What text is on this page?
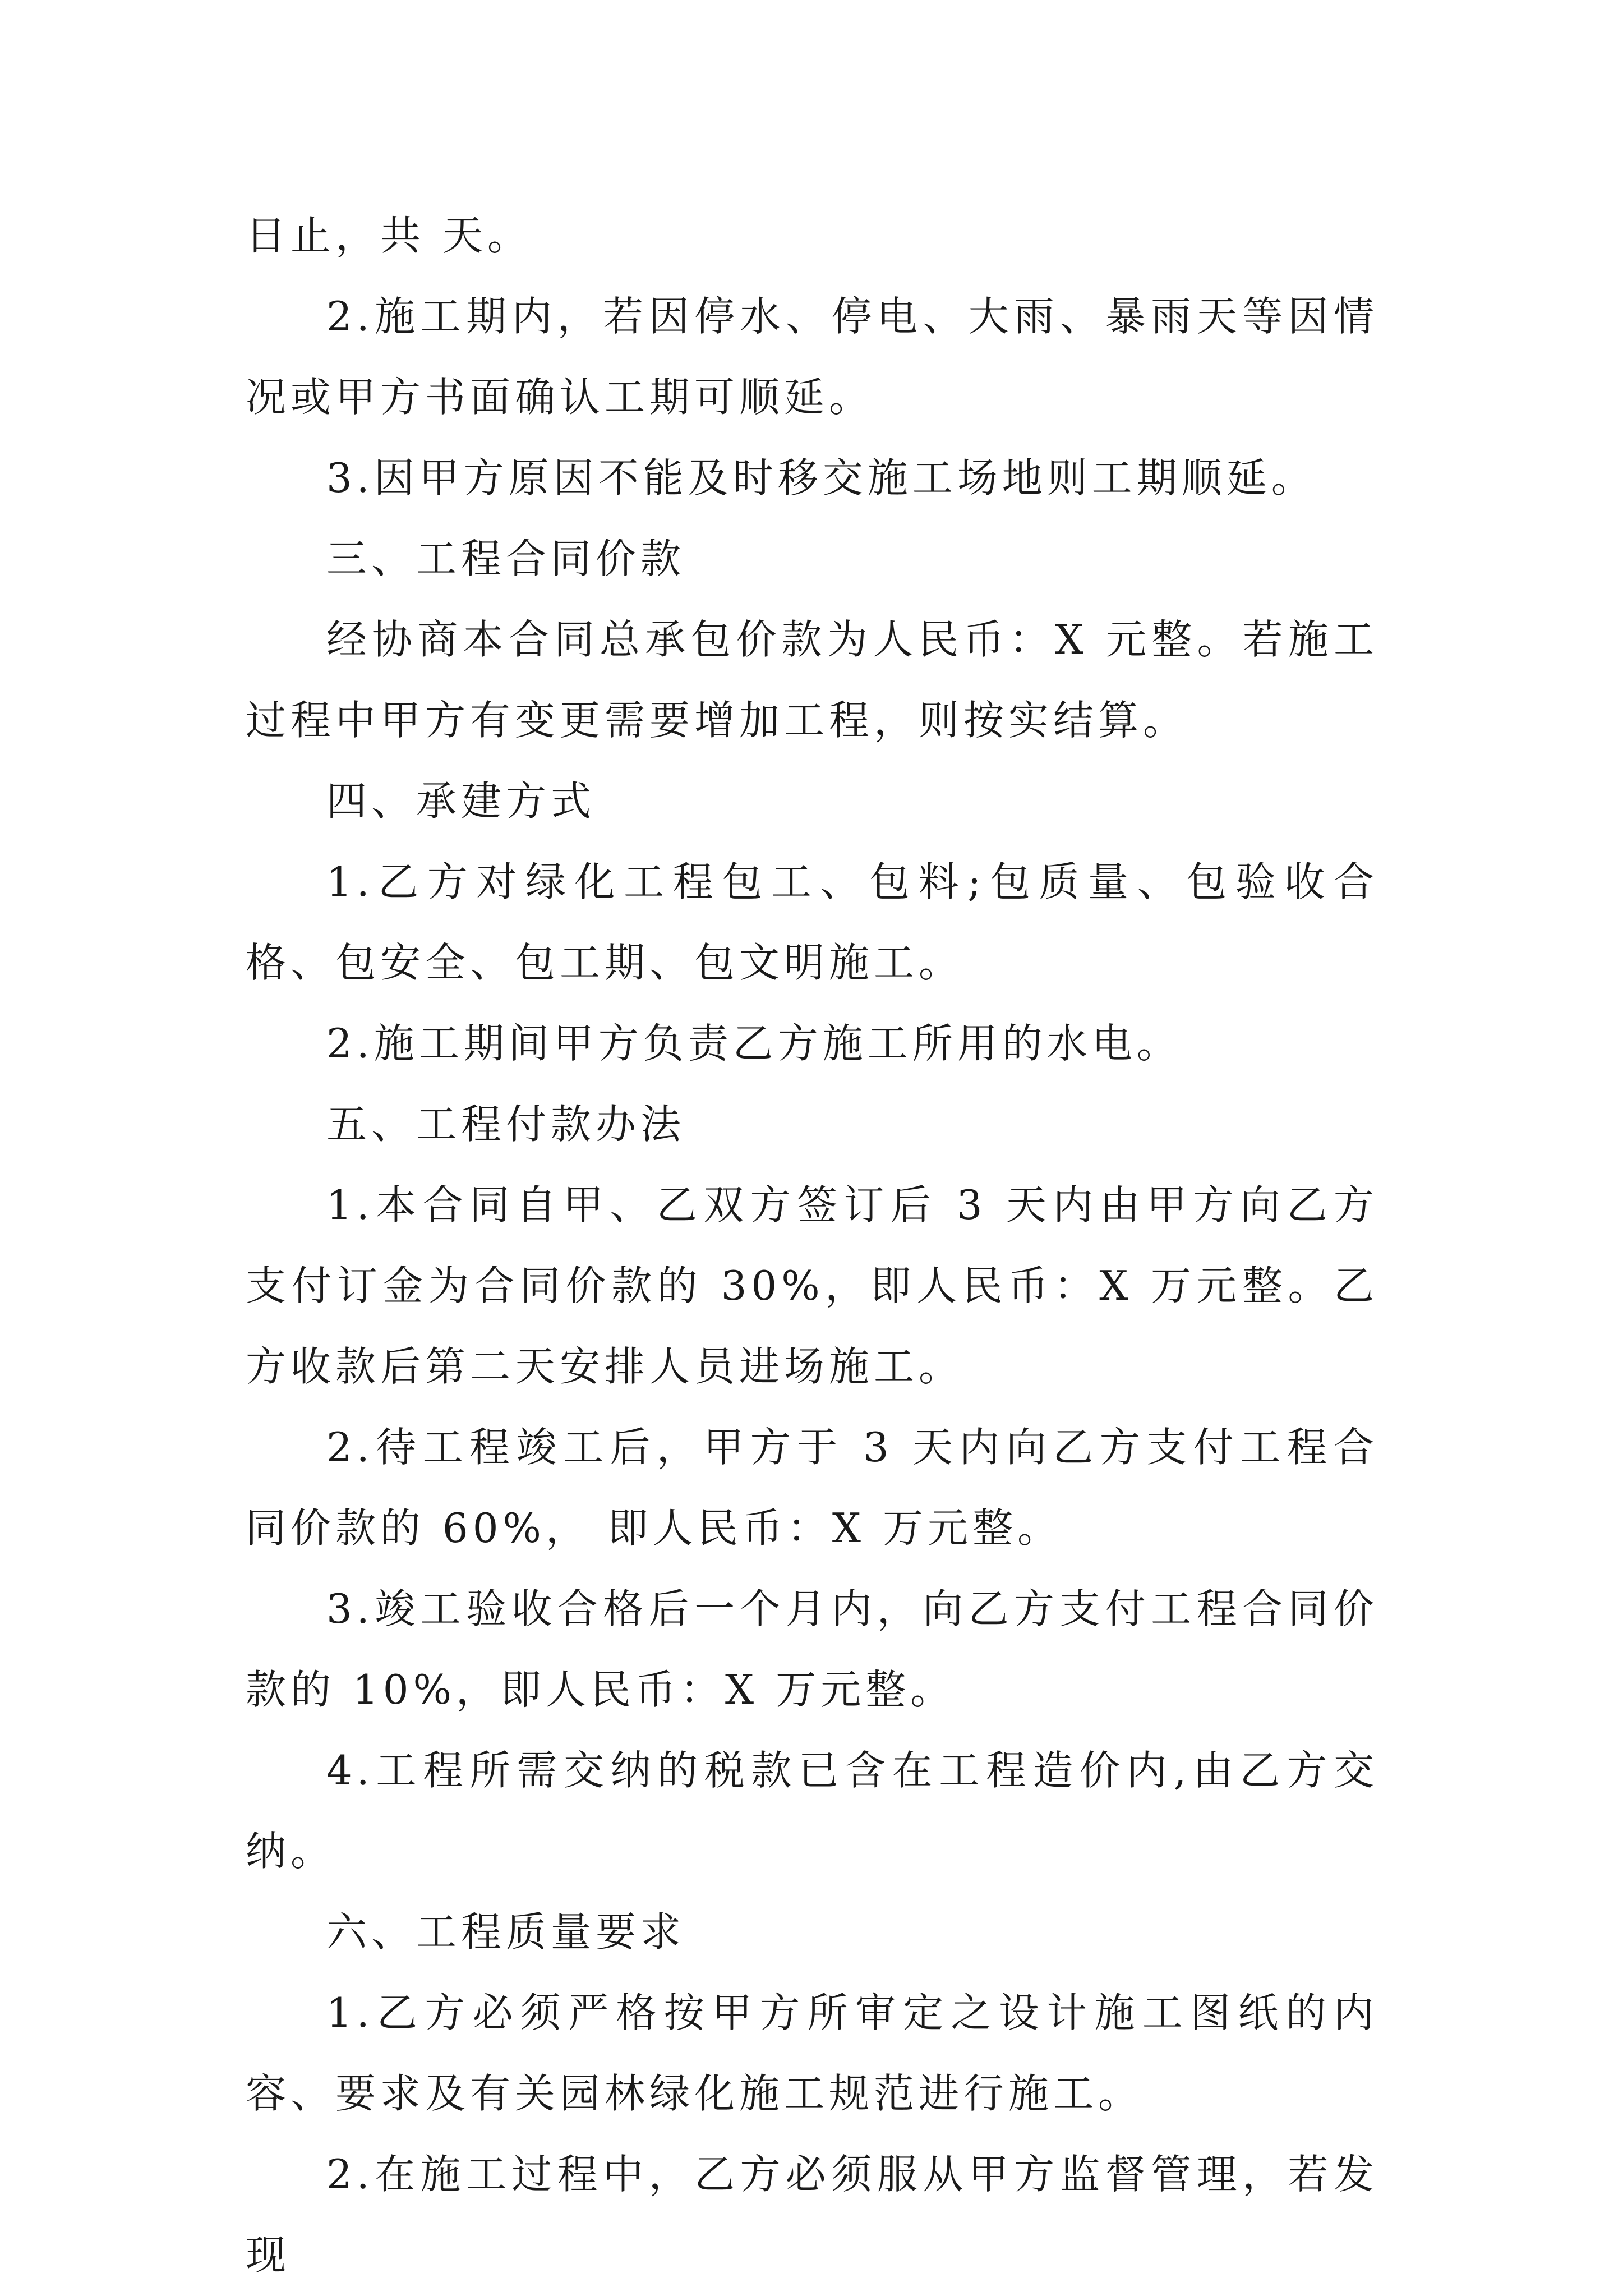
日止，共 天。

2.施工期内，若因停水、停电、大雨、暴雨天等因情况或甲方书面确认工期可顺延。

3.因甲方原因不能及时移交施工场地则工期顺延。

三、工程合同价款

经协商本合同总承包价款为人民币：X 元整。若施工过程中甲方有变更需要增加工程，则按实结算。

四、承建方式

1.乙方对绿化工程包工、包料;包质量、包验收合格、包安全、包工期、包文明施工。

2.施工期间甲方负责乙方施工所用的水电。

五、工程付款办法

1.本合同自甲、乙双方签订后 3 天内由甲方向乙方支付订金为合同价款的 30%，即人民币：X 万元整。乙方收款后第二天安排人员进场施工。

2.待工程竣工后，甲方于 3 天内向乙方支付工程合同价款的 60%， 即人民币：X 万元整。

3.竣工验收合格后一个月内，向乙方支付工程合同价款的 10%，即人民币：X 万元整。

4.工程所需交纳的税款已含在工程造价内,由乙方交纳。

六、工程质量要求

1.乙方必须严格按甲方所审定之设计施工图纸的内容、要求及有关园林绿化施工规范进行施工。

2.在施工过程中，乙方必须服从甲方监督管理，若发现
